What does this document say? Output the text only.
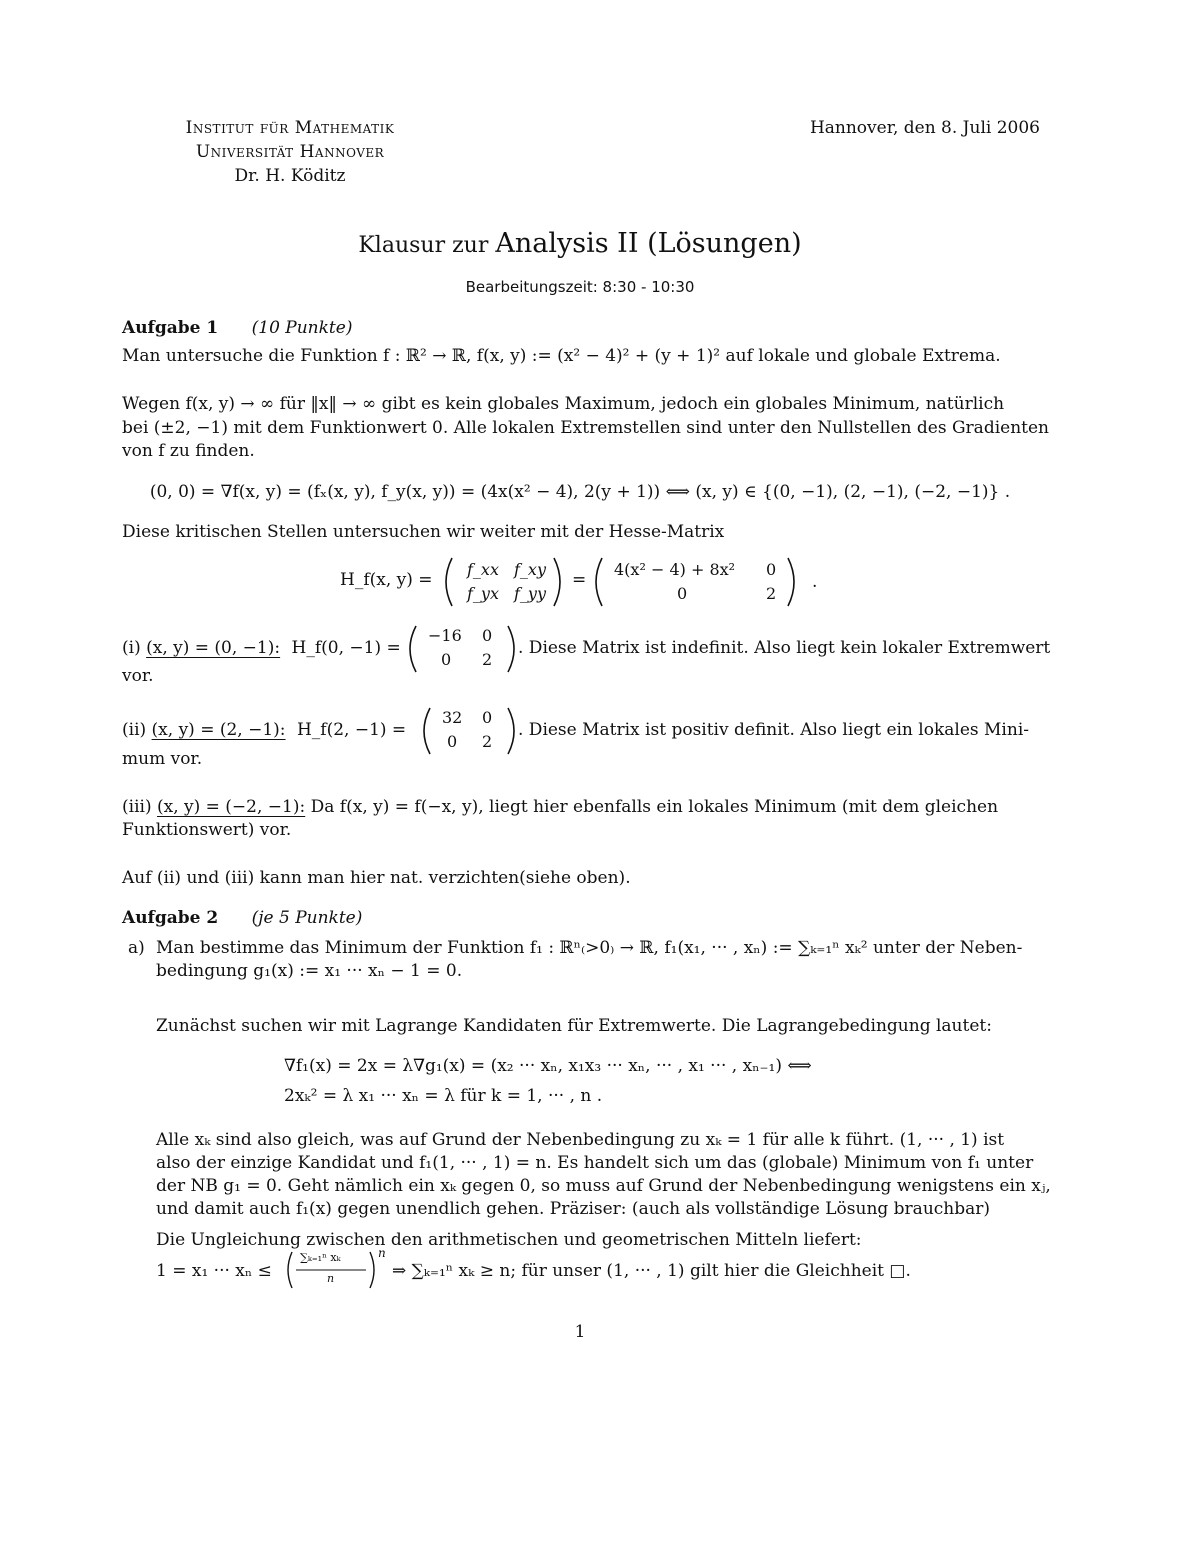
Institut für Mathematik
Universität Hannover
Dr. H. Köditz
Hannover, den 8. Juli 2006
Klausur zur Analysis II (Lösungen)
Bearbeitungszeit: 8:30 - 10:30
Aufgabe 1 (10 Punkte)
Man untersuche die Funktion f : ℝ² → ℝ, f(x, y) := (x² − 4)² + (y + 1)² auf lokale und globale Extrema.
Wegen f(x, y) → ∞ für ‖x‖ → ∞ gibt es kein globales Maximum, jedoch ein globales Minimum, natürlich
bei (±2, −1) mit dem Funktionwert 0. Alle lokalen Extremstellen sind unter den Nullstellen des Gradienten
von f zu finden.
(0, 0) = ∇f(x, y) = (fₓ(x, y), f_y(x, y)) = (4x(x² − 4), 2(y + 1)) ⟺ (x, y) ∈ {(0, −1), (2, −1), (−2, −1)} .
Diese kritischen Stellen untersuchen wir weiter mit der Hesse-Matrix
H_f(x, y) =
f_xx f_xy
f_yx f_yy
=
4(x² − 4) + 8x² 0
0	2
.
(i) (x, y) = (0, −1): H_f(0, −1) =
−16 0
0 2
. Diese Matrix ist indefinit. Also liegt kein lokaler Extremwert
vor.
(ii) (x, y) = (2, −1): H_f(2, −1) =
32 0
0 2
. Diese Matrix ist positiv definit. Also liegt ein lokales Mini-
mum vor.
(iii) (x, y) = (−2, −1): Da f(x, y) = f(−x, y), liegt hier ebenfalls ein lokales Minimum (mit dem gleichen
Funktionswert) vor.
Auf (ii) und (iii) kann man hier nat. verzichten(siehe oben).
Aufgabe 2 (je 5 Punkte)
a) Man bestimme das Minimum der Funktion f₁ : ℝⁿ₍>0₎ → ℝ, f₁(x₁, ··· , xₙ) := ∑ₖ₌₁ⁿ xₖ² unter der Neben-
bedingung g₁(x) := x₁ ··· xₙ − 1 = 0.
Zunächst suchen wir mit Lagrange Kandidaten für Extremwerte. Die Lagrangebedingung lautet:
∇f₁(x) = 2x = λ∇g₁(x) = (x₂ ··· xₙ, x₁x₃ ··· xₙ, ··· , x₁ ··· , xₙ₋₁) ⟺
2xₖ² = λ x₁ ··· xₙ = λ für k = 1, ··· , n .
Alle xₖ sind also gleich, was auf Grund der Nebenbedingung zu xₖ = 1 für alle k führt. (1, ··· , 1) ist
also der einzige Kandidat und f₁(1, ··· , 1) = n. Es handelt sich um das (globale) Minimum von f₁ unter
der NB g₁ = 0. Geht nämlich ein xₖ gegen 0, so muss auf Grund der Nebenbedingung wenigstens ein xⱼ,
und damit auch f₁(x) gegen unendlich gehen. Präziser: (auch als vollständige Lösung brauchbar)
Die Ungleichung zwischen den arithmetischen und geometrischen Mitteln liefert:
1 = x₁ ··· xₙ ≤
∑ₖ₌₁ⁿ xₖ
n
n
⇒ ∑ₖ₌₁ⁿ xₖ ≥ n; für unser (1, ··· , 1) gilt hier die Gleichheit □.
1
